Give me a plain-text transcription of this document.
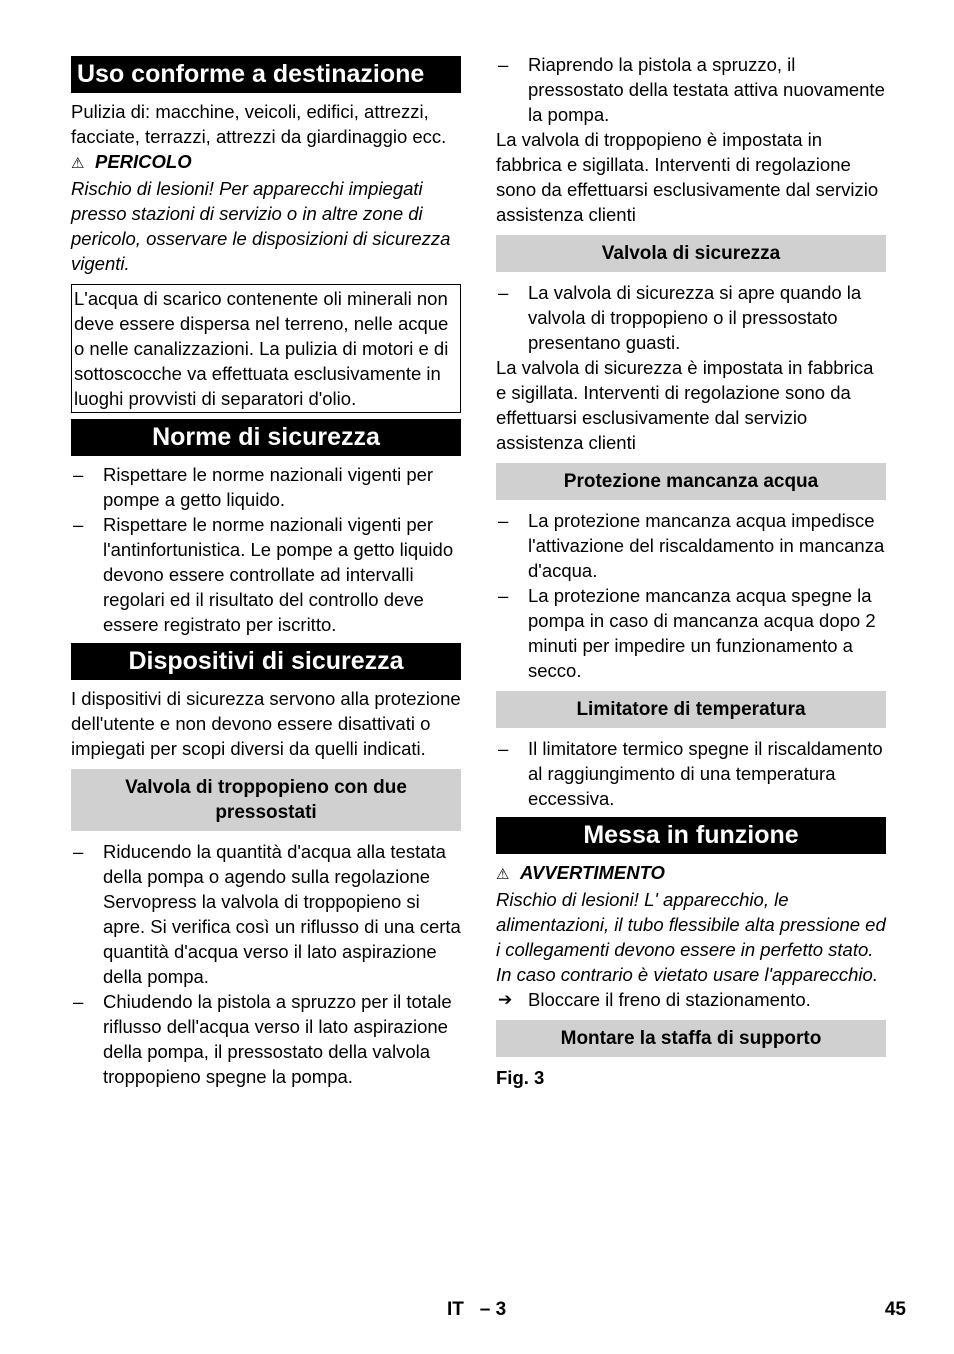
Uso conforme a destinazione

Pulizia di: macchine, veicoli, edifici, attrezzi, facciate, terrazzi, attrezzi da giardinaggio ecc.

⚠ PERICOLO

Rischio di lesioni! Per apparecchi impiegati presso stazioni di servizio o in altre zone di pericolo, osservare le disposizioni di sicurezza vigenti.

L'acqua di scarico contenente oli minerali non deve essere dispersa nel terreno, nelle acque o nelle canalizzazioni. La pulizia di motori e di sottoscocche va effettuata esclusivamente in luoghi provvisti di separatori d'olio.
Norme di sicurezza
– Rispettare le norme nazionali vigenti per pompe a getto liquido.
– Rispettare le norme nazionali vigenti per l'antinfortunistica. Le pompe a getto liquido devono essere controllate ad intervalli regolari ed il risultato del controllo deve essere registrato per iscritto.
Dispositivi di sicurezza

I dispositivi di sicurezza servono alla protezione dell'utente e non devono essere disattivati o impiegati per scopi diversi da quelli indicati.

Valvola di troppopieno con due pressostati
– Riducendo la quantità d'acqua alla testata della pompa o agendo sulla regolazione Servopress la valvola di troppopieno si apre. Si verifica così un riflusso di una certa quantità d'acqua verso il lato aspirazione della pompa.
– Chiudendo la pistola a spruzzo per il totale riflusso dell'acqua verso il lato aspirazione della pompa, il pressostato della valvola troppopieno spegne la pompa.
– Riaprendo la pistola a spruzzo, il pressostato della testata attiva nuovamente la pompa.

La valvola di troppopieno è impostata in fabbrica e sigillata. Interventi di regolazione sono da effettuarsi esclusivamente dal servizio assistenza clienti

Valvola di sicurezza
– La valvola di sicurezza si apre quando la valvola di troppopieno o il pressostato presentano guasti.

La valvola di sicurezza è impostata in fabbrica e sigillata. Interventi di regolazione sono da effettuarsi esclusivamente dal servizio assistenza clienti

Protezione mancanza acqua
– La protezione mancanza acqua impedisce l'attivazione del riscaldamento in mancanza d'acqua.
– La protezione mancanza acqua spegne la pompa in caso di mancanza acqua dopo 2 minuti per impedire un funzionamento a secco.
Limitatore di temperatura
– Il limitatore termico spegne il riscaldamento al raggiungimento di una temperatura eccessiva.
Messa in funzione

⚠ AVVERTIMENTO

Rischio di lesioni! L' apparecchio, le alimentazioni, il tubo flessibile alta pressione ed i collegamenti devono essere in perfetto stato. In caso contrario è vietato usare l'apparecchio.

➔ Bloccare il freno di stazionamento.
Montare la staffa di supporto

Fig. 3

IT   – 3	45
